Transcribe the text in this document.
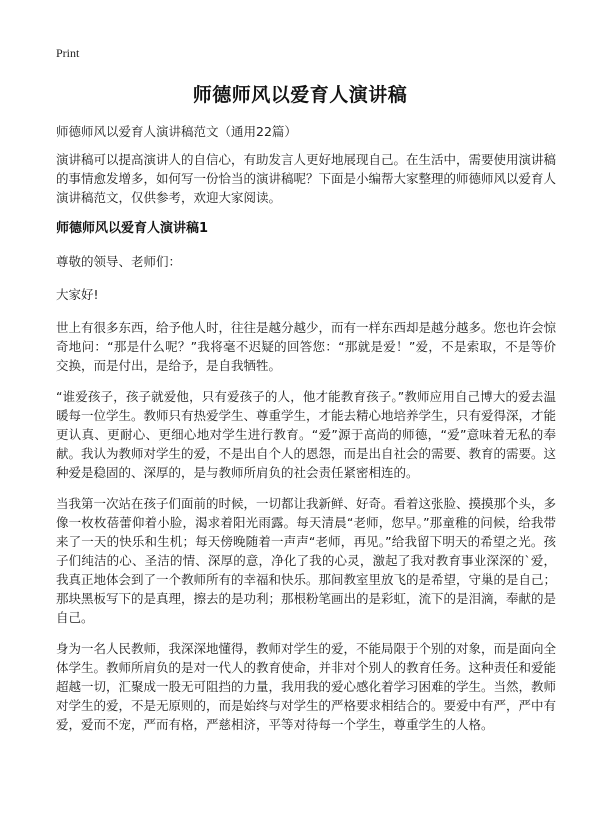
Print
师德师风以爱育人演讲稿
师德师风以爱育人演讲稿范文（通用22篇）

演讲稿可以提高演讲人的自信心，有助发言人更好地展现自己。在生活中，需要使用演讲稿的事情愈发增多，如何写一份恰当的演讲稿呢？下面是小编帮大家整理的师德师风以爱育人演讲稿范文，仅供参考，欢迎大家阅读。

师德师风以爱育人演讲稿1

尊敬的领导、老师们：

大家好!

世上有很多东西，给予他人时，往往是越分越少，而有一样东西却是越分越多。您也许会惊奇地问：“那是什么呢？”我将毫不迟疑的回答您：“那就是爱！”爱，不是索取，不是等价交换，而是付出，是给予，是自我牺牲。

“谁爱孩子，孩子就爱他，只有爱孩子的人，他才能教育孩子。”教师应用自己博大的爱去温暖每一位学生。教师只有热爱学生、尊重学生，才能去精心地培养学生，只有爱得深，才能更认真、更耐心、更细心地对学生进行教育。“爱”源于高尚的师德，“爱”意味着无私的奉献。我认为教师对学生的爱，不是出自个人的恩怨，而是出自社会的需要、教育的需要。这种爱是稳固的、深厚的，是与教师所肩负的社会责任紧密相连的。

当我第一次站在孩子们面前的时候，一切都让我新鲜、好奇。看着这张脸、摸摸那个头，多像一枚枚蓓蕾仰着小脸，渴求着阳光雨露。每天清晨“老师，您早。”那童稚的问候，给我带来了一天的快乐和生机；每天傍晚随着一声声“老师，再见。”给我留下明天的希望之光。孩子们纯洁的心、圣洁的情、深厚的意，净化了我的心灵，激起了我对教育事业深深的`爱，我真正地体会到了一个教师所有的幸福和快乐。那间教室里放飞的是希望，守巢的是自己；那块黑板写下的是真理，擦去的是功利；那根粉笔画出的是彩虹，流下的是泪滴，奉献的是自己。

身为一名人民教师，我深深地懂得，教师对学生的爱，不能局限于个别的对象，而是面向全体学生。教师所肩负的是对一代人的教育使命，并非对个别人的教育任务。这种责任和爱能超越一切，汇聚成一股无可阻挡的力量，我用我的爱心感化着学习困难的学生。当然，教师对学生的爱，不是无原则的，而是始终与对学生的严格要求相结合的。要爱中有严，严中有爱，爱而不宠，严而有格，严慈相济，平等对待每一个学生，尊重学生的人格。
